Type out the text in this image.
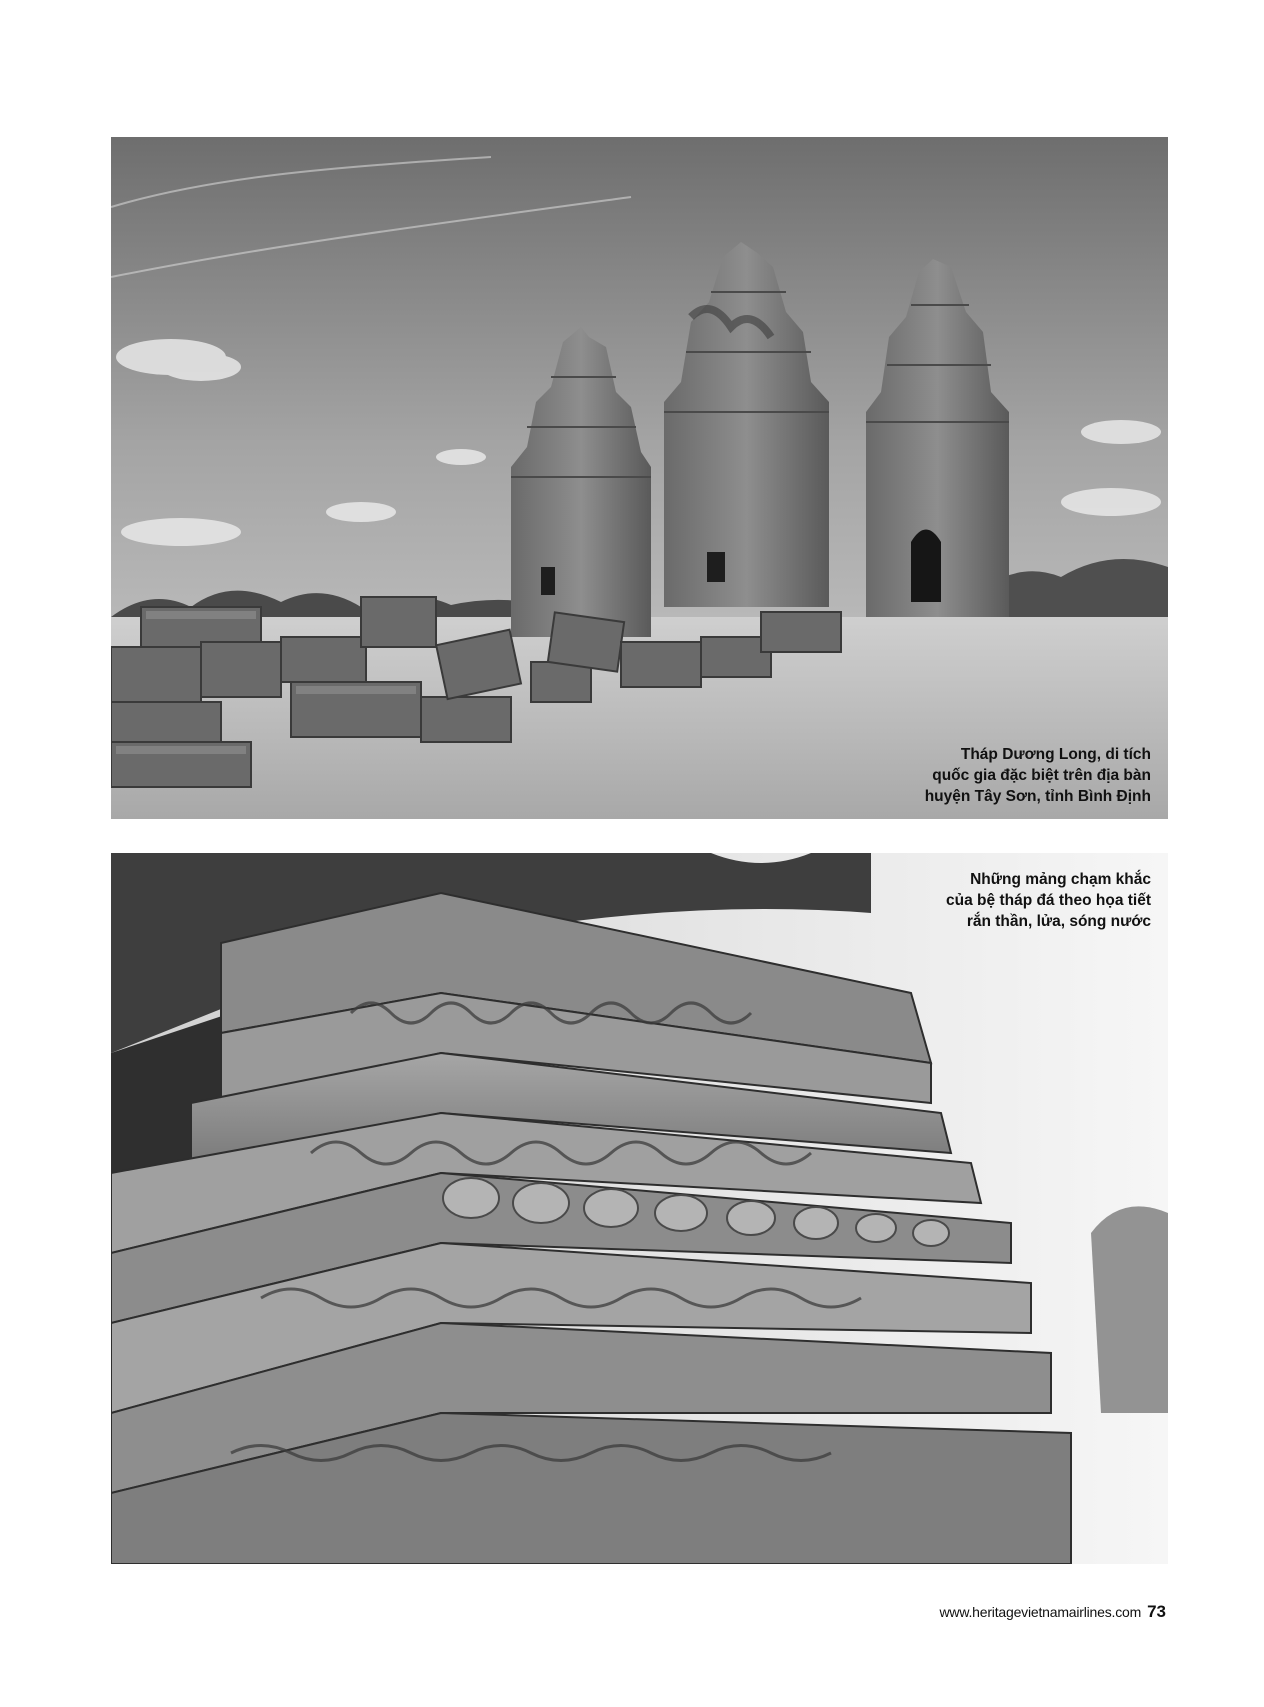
Tháp Dương Long, di tích
quốc gia đặc biệt trên địa bàn
huyện Tây Sơn, tỉnh Bình Định

Những mảng chạm khắc
của bệ tháp đá theo họa tiết
rắn thần, lửa, sóng nước

www.heritagevietnamairlines.com 73
